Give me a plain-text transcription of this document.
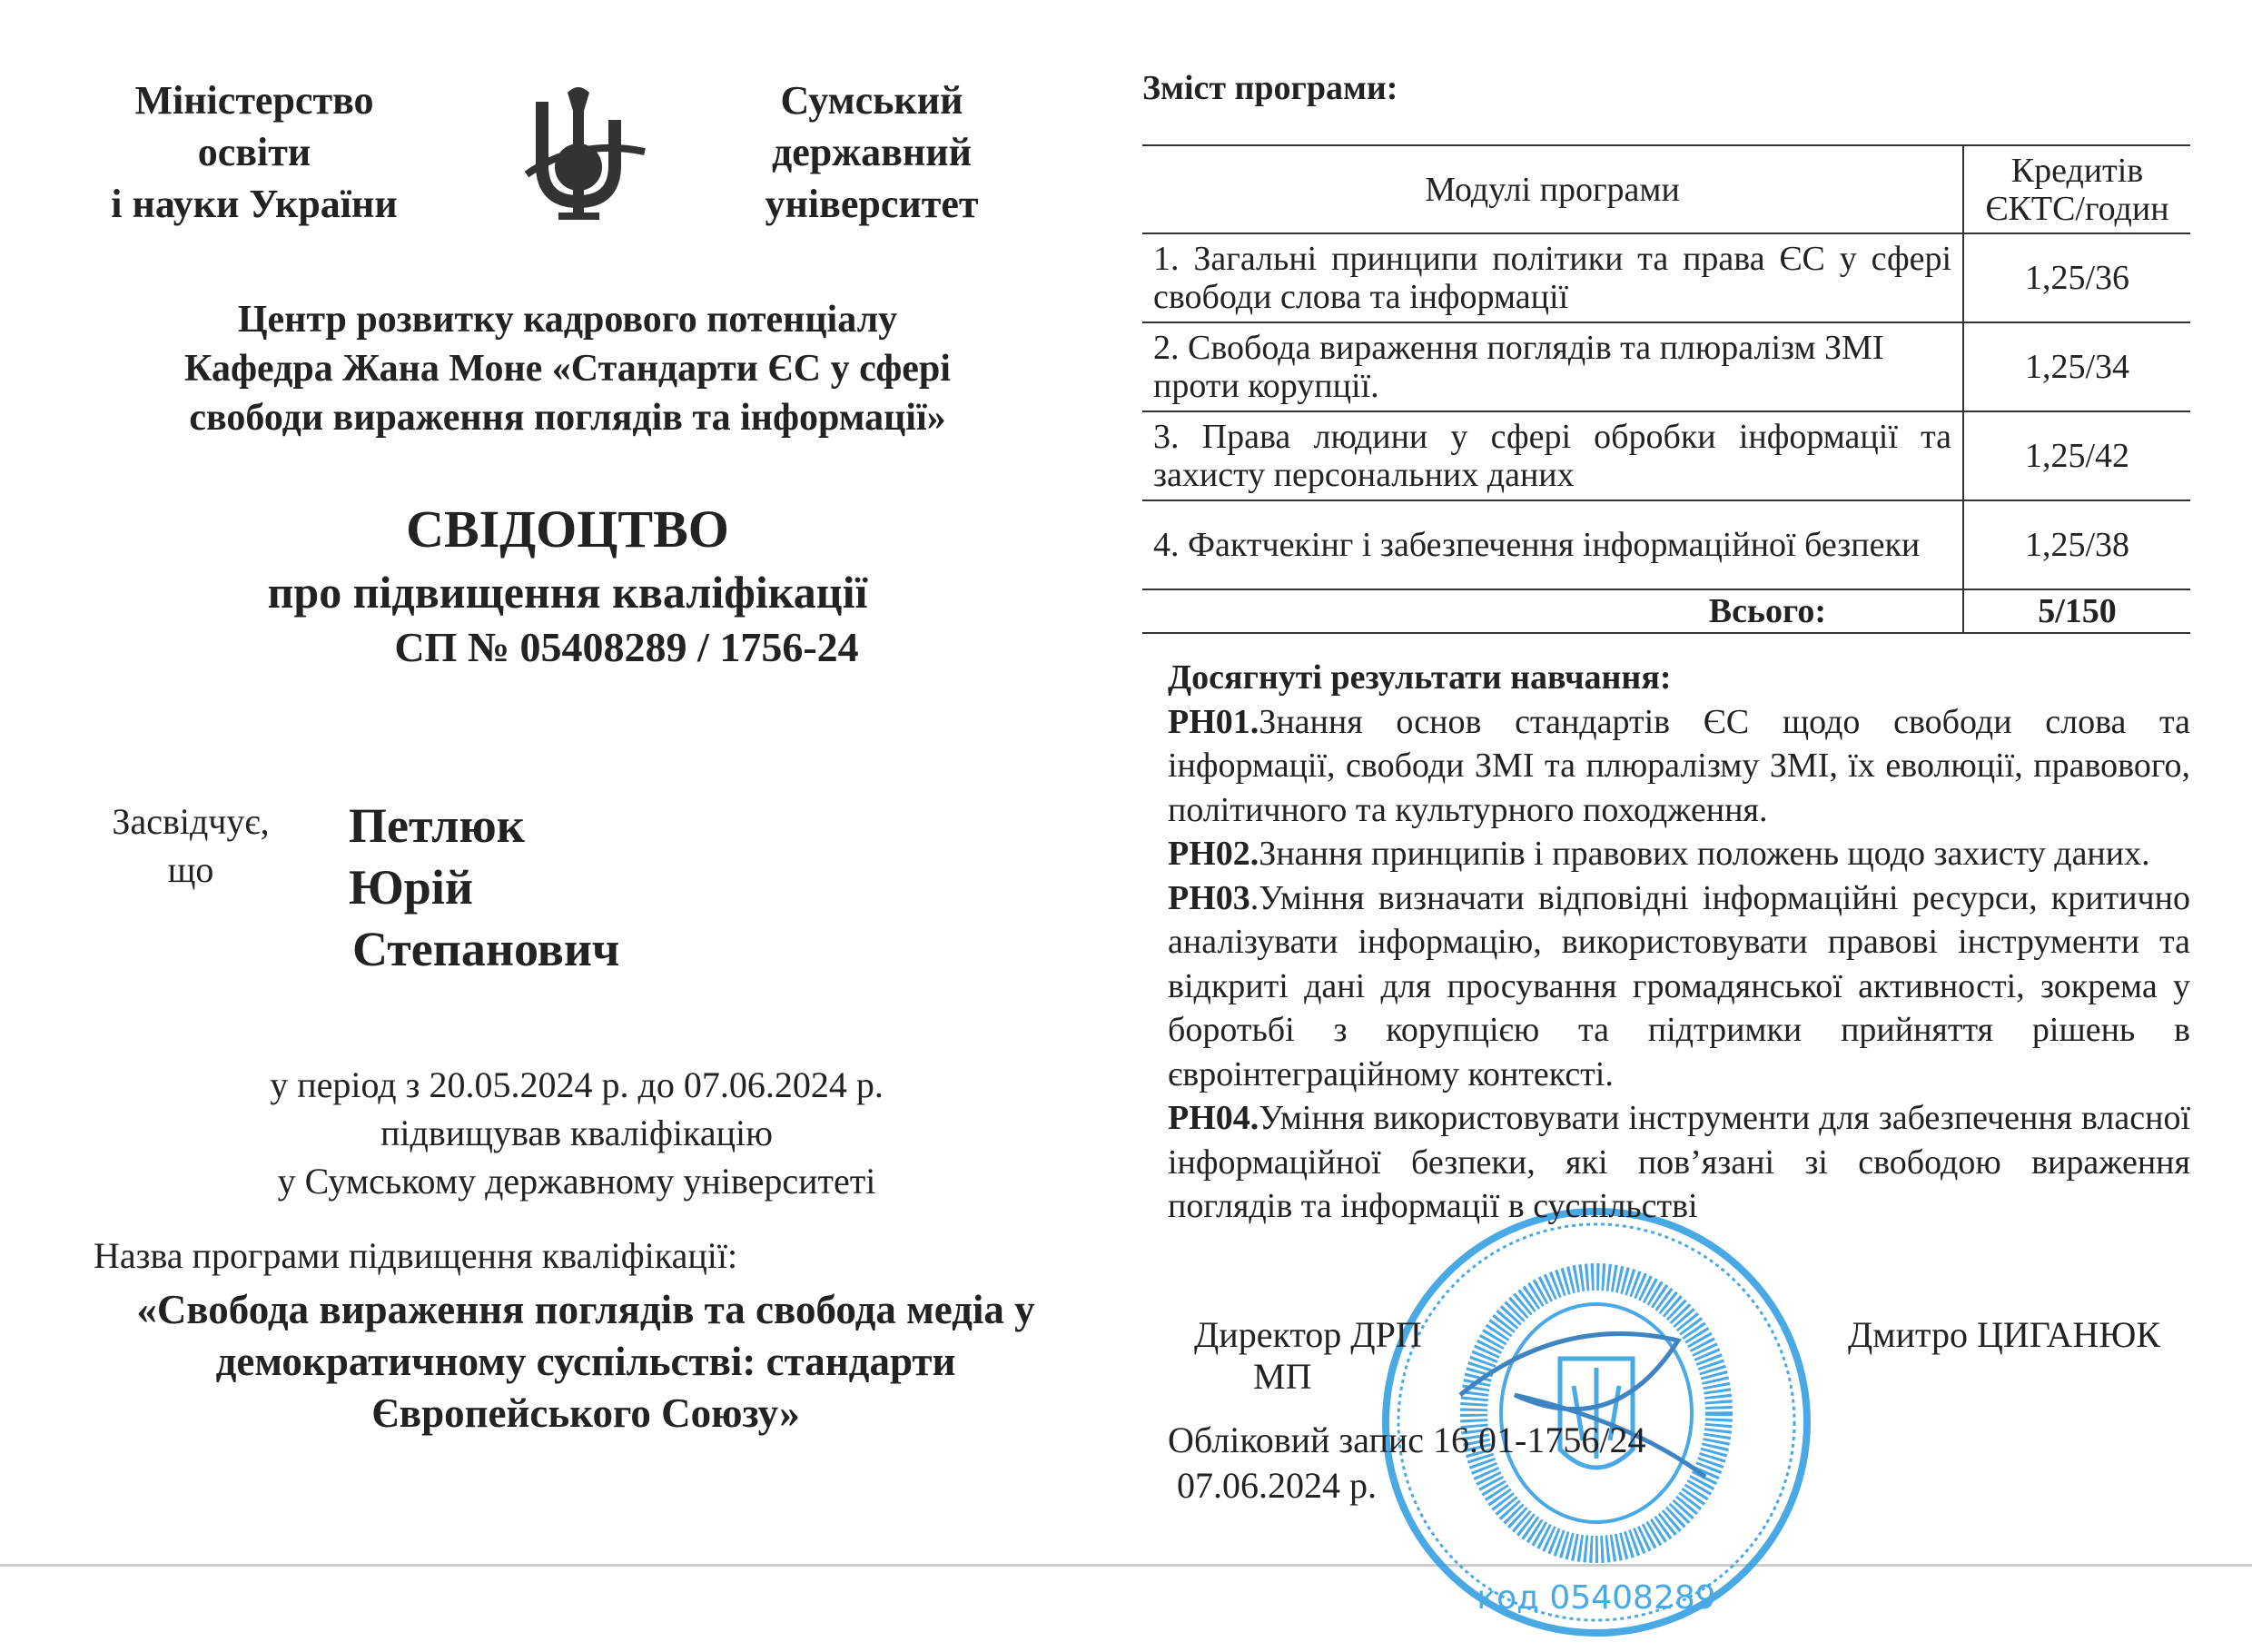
Міністерство
освіти
і науки України
Сумський
державний
університет
Центр розвитку кадрового потенціалу
Кафедра Жана Моне «Стандарти ЄС у сфері
свободи вираження поглядів та інформації»
СВІДОЦТВО
про підвищення кваліфікації
СП № 05408289 / 1756-24
Засвідчує,
що
Петлюк
Юрій
Степанович
у період з 20.05.2024 р. до 07.06.2024 р.
підвищував кваліфікацію
у Сумському державному університеті
Назва програми підвищення кваліфікації:
«Свобода вираження поглядів та свобода медіа у
демократичному суспільстві: стандарти
Європейського Союзу»
код 05408289
Зміст програми:
Модулі програми	Кредитів ЄКТС/годин
1. Загальні принципи політики та права ЄС у сфері свободи слова та інформації	1,25/36
2. Свобода вираження поглядів та плюралізм ЗМІ проти корупції.	1,25/34
3. Права людини у сфері обробки інформації та захисту персональних даних	1,25/42
4. Фактчекінг і забезпечення інформаційної безпеки	1,25/38
Всього:	5/150

Досягнуті результати навчання:

РН01.Знання основ стандартів ЄС щодо свободи слова та інформації, свободи ЗМІ та плюралізму ЗМІ, їх еволюції, правового, політичного та культурного походження.

РН02.Знання принципів і правових положень щодо захисту даних.

РН03.Уміння визначати відповідні інформаційні ресурси, критично аналізувати інформацію, використовувати правові інструменти та відкриті дані для просування громадянської активності, зокрема у боротьбі з корупцією та підтримки прийняття рішень в євроінтеграційному контексті.

РН04.Уміння використовувати інструменти для забезпечення власної інформаційної безпеки, які пов’язані зі свободою вираження поглядів та інформації в суспільстві

Директор ДРП
МП
Дмитро ЦИГАНЮК
Обліковий запис 16.01-1756/24
07.06.2024 р.
